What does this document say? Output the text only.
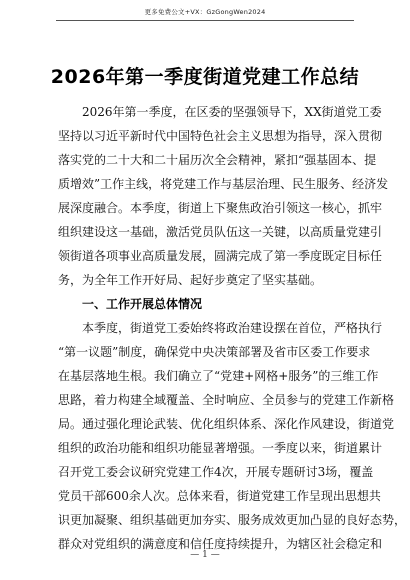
更多免费公文+VX：GzGongWen2024
2026年第一季度街道党建工作总结
2026年第一季度，在区委的坚强领导下，XX街道党工委
坚持以习近平新时代中国特色社会主义思想为指导，深入贯彻
落实党的二十大和二十届历次全会精神，紧扣“强基固本、提
质增效”工作主线，将党建工作与基层治理、民生服务、经济发
展深度融合。本季度，街道上下聚焦政治引领这一核心，抓牢
组织建设这一基础，激活党员队伍这一关键，以高质量党建引
领街道各项事业高质量发展，圆满完成了第一季度既定目标任
务，为全年工作开好局、起好步奠定了坚实基础。
一、工作开展总体情况
本季度，街道党工委始终将政治建设摆在首位，严格执行
“第一议题”制度，确保党中央决策部署及省市区委工作要求
在基层落地生根。我们确立了“党建+网格+服务”的三维工作
思路，着力构建全域覆盖、全时响应、全员参与的党建工作新格
局。通过强化理论武装、优化组织体系、深化作风建设，街道党
组织的政治功能和组织功能显著增强。一季度以来，街道累计
召开党工委会议研究党建工作4次，开展专题研讨3场，覆盖
党员干部600余人次。总体来看，街道党建工作呈现出思想共
识更加凝聚、组织基础更加夯实、服务成效更加凸显的良好态势，
群众对党组织的满意度和信任度持续提升，为辖区社会稳定和
— 1 —
